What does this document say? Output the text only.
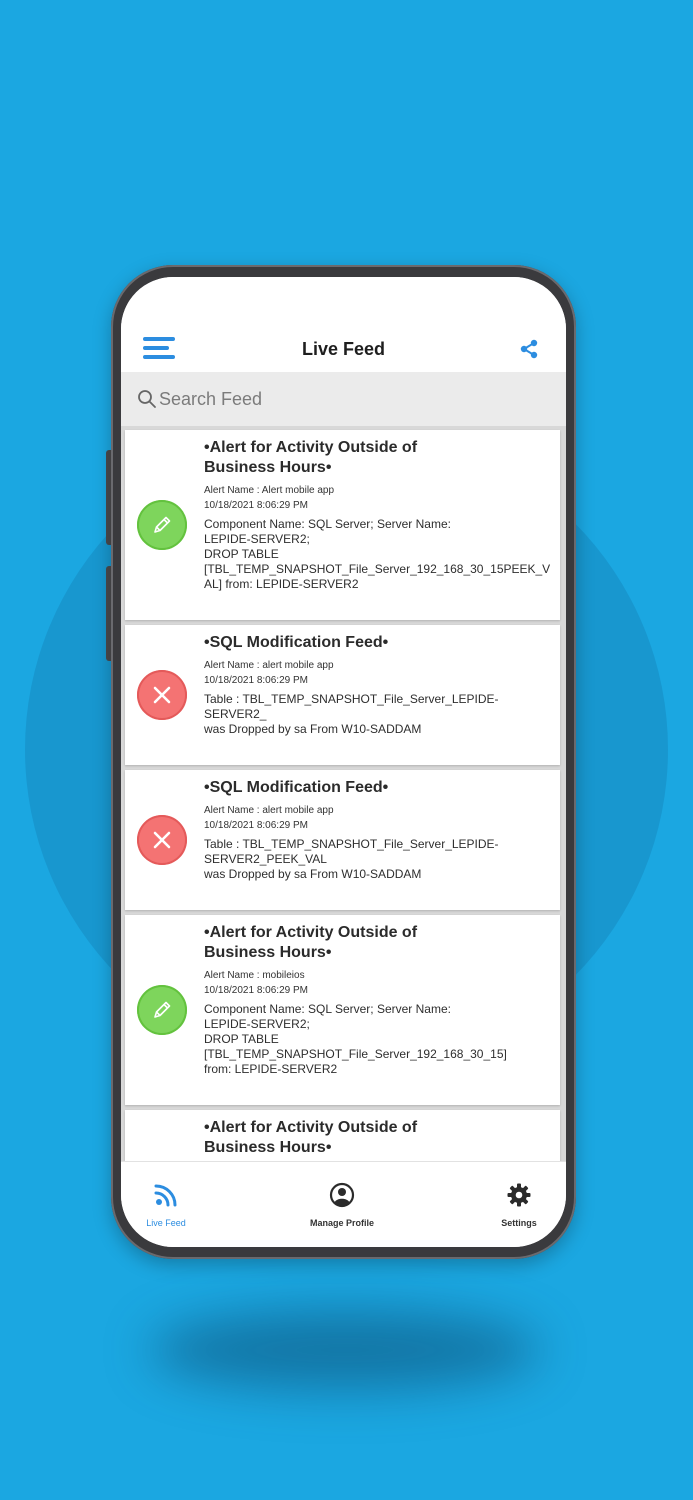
Live Feed
Search Feed
•Alert for Activity Outside of
Business Hours•
Alert Name : Alert mobile app
10/18/2021 8:06:29 PM
Component Name: SQL Server; Server Name:
LEPIDE-SERVER2;
DROP TABLE
[TBL_TEMP_SNAPSHOT_File_Server_192_168_30_15PEEK_VAL] from: LEPIDE-SERVER2
•SQL Modification Feed•
Alert Name : alert mobile app
10/18/2021 8:06:29 PM
Table : TBL_TEMP_SNAPSHOT_File_Server_LEPIDE-
SERVER2_
was Dropped by sa From W10-SADDAM
•SQL Modification Feed•
Alert Name : alert mobile app
10/18/2021 8:06:29 PM
Table : TBL_TEMP_SNAPSHOT_File_Server_LEPIDE-
SERVER2_PEEK_VAL
was Dropped by sa From W10-SADDAM
•Alert for Activity Outside of
Business Hours•
Alert Name : mobileios
10/18/2021 8:06:29 PM
Component Name: SQL Server; Server Name:
LEPIDE-SERVER2;
DROP TABLE
[TBL_TEMP_SNAPSHOT_File_Server_192_168_30_15]
from: LEPIDE-SERVER2
•Alert for Activity Outside of
Business Hours•
Live Feed	Manage Profile	Settings
